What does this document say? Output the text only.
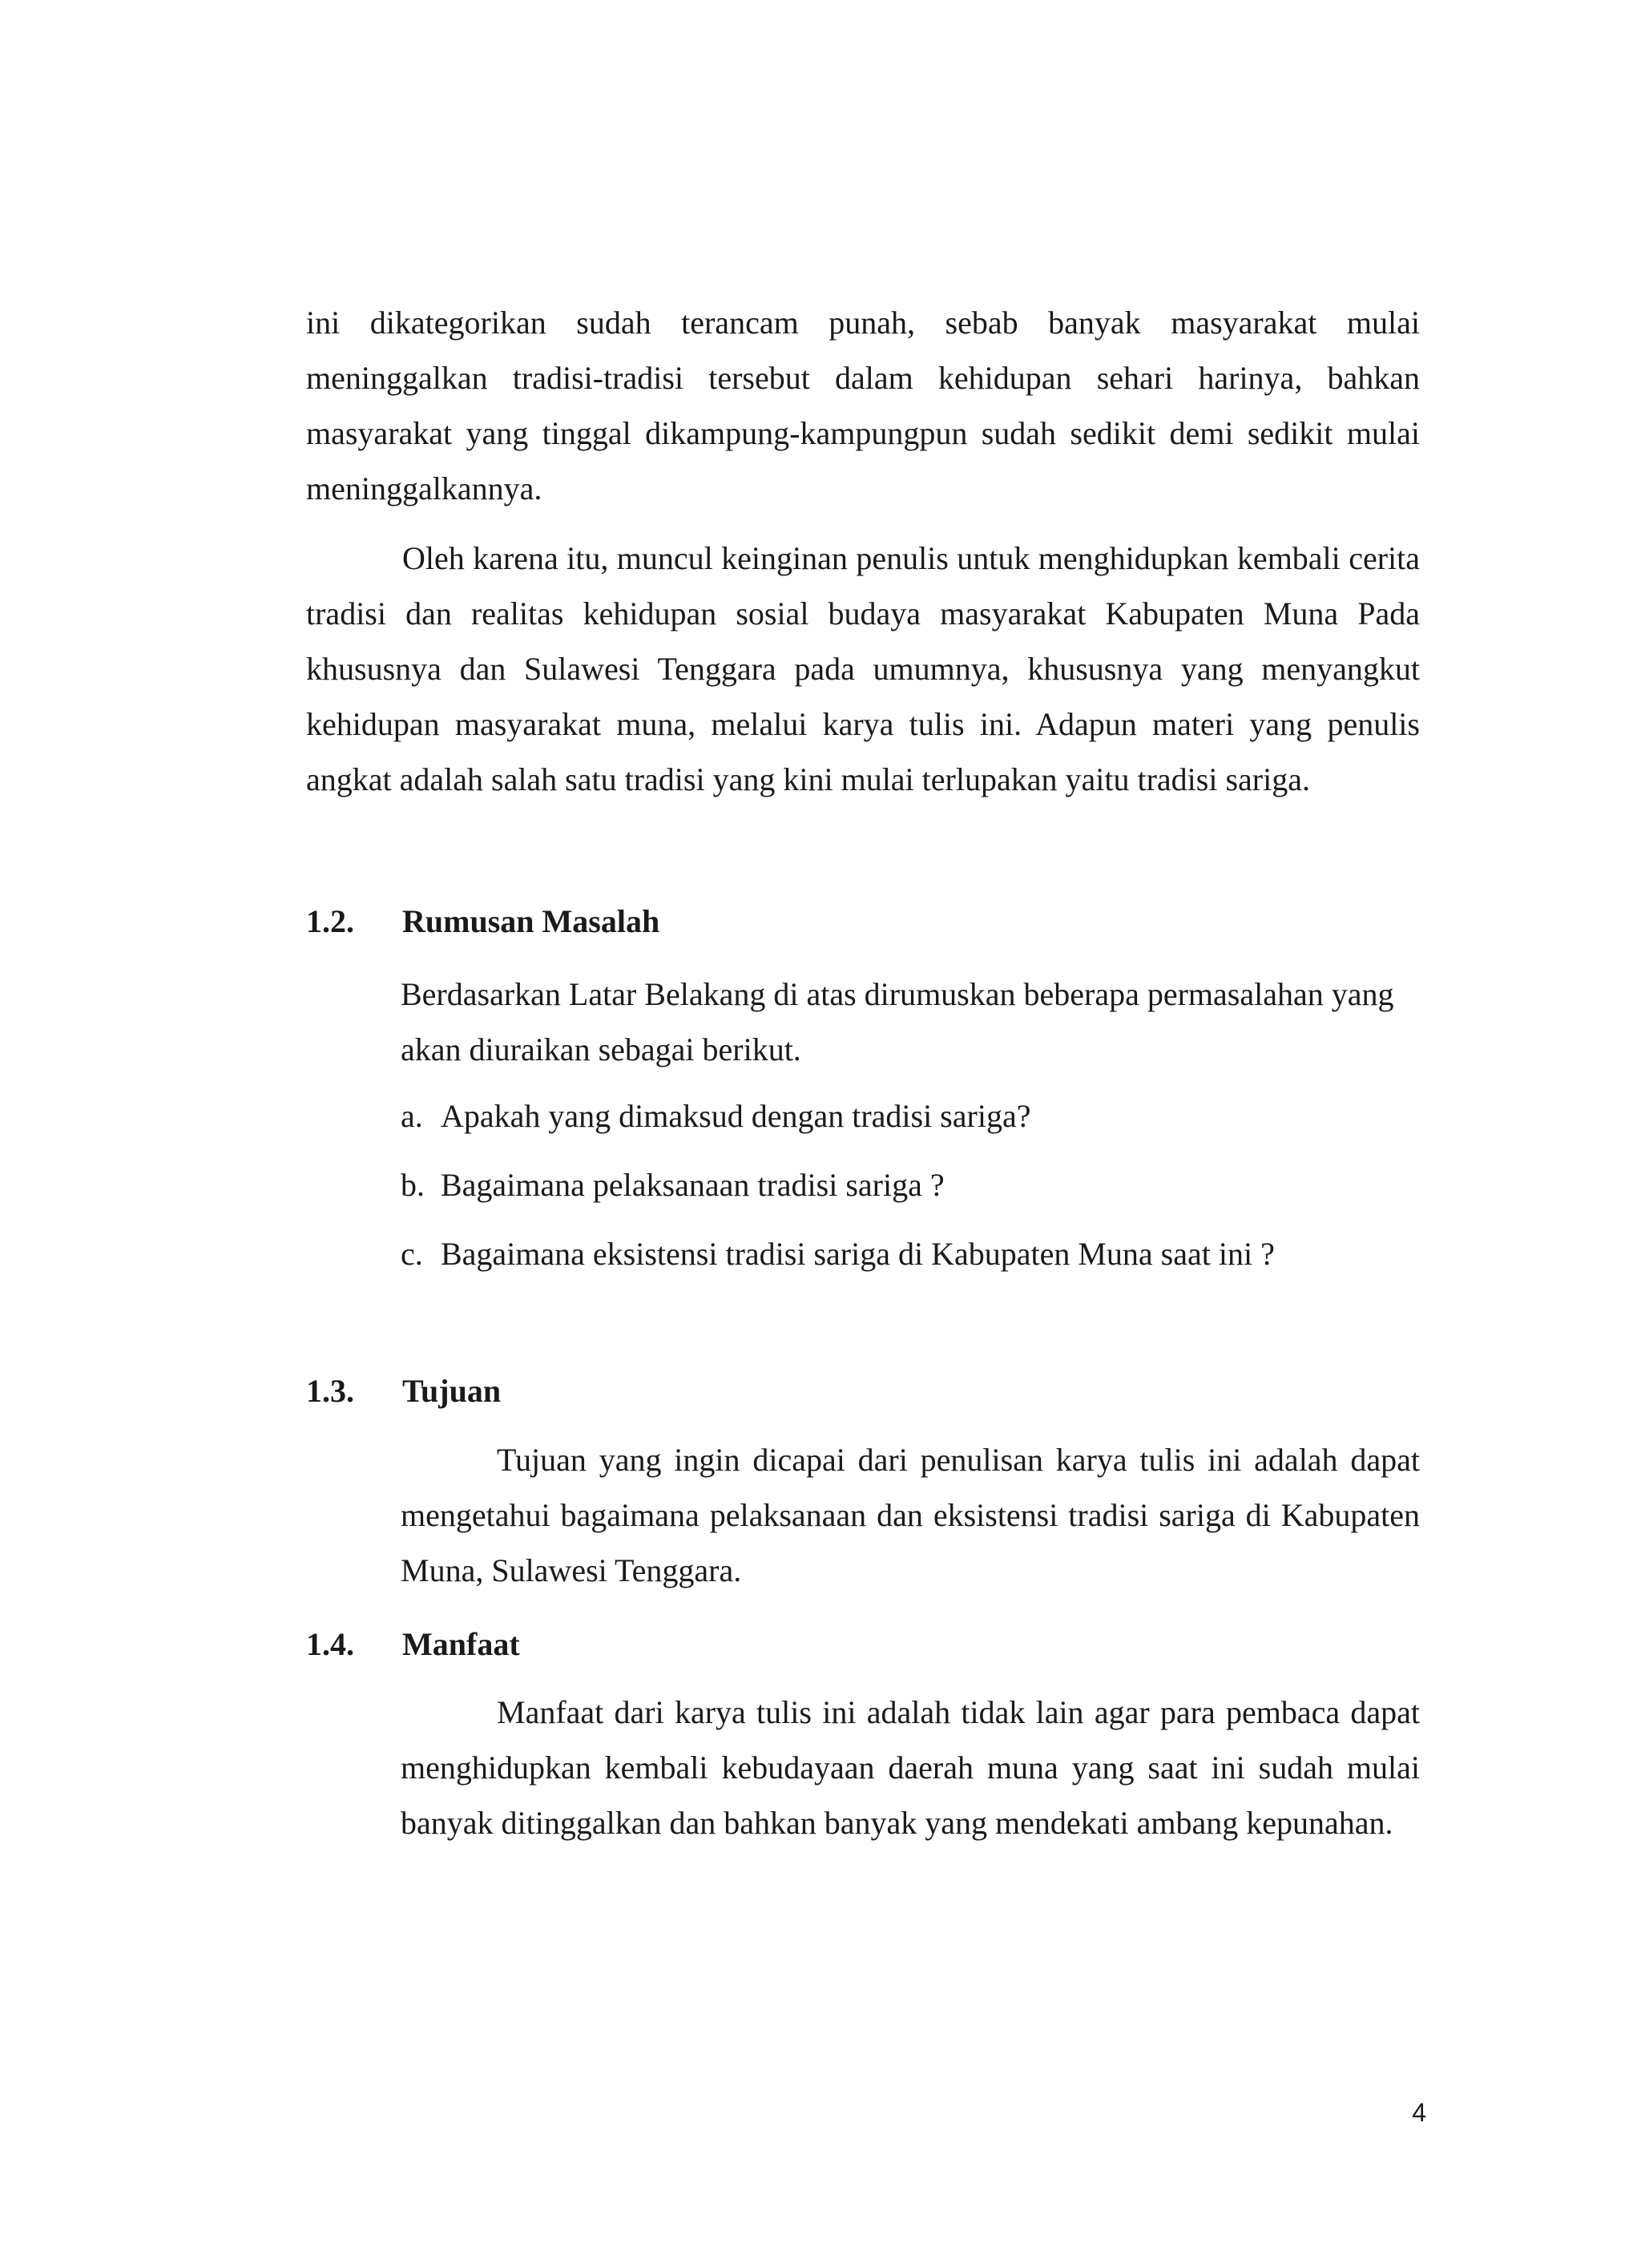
ini dikategorikan sudah terancam punah, sebab banyak masyarakat mulai meninggalkan tradisi-tradisi tersebut dalam kehidupan sehari harinya, bahkan masyarakat yang tinggal dikampung-kampungpun sudah sedikit demi sedikit mulai meninggalkannya.

Oleh karena itu, muncul keinginan penulis untuk menghidupkan kembali cerita tradisi dan realitas kehidupan sosial budaya masyarakat Kabupaten Muna Pada khususnya dan Sulawesi Tenggara pada umumnya, khususnya yang menyangkut kehidupan masyarakat muna, melalui karya tulis ini. Adapun materi yang penulis angkat adalah salah satu tradisi yang kini mulai terlupakan yaitu tradisi sariga.

1.2. Rumusan Masalah

Berdasarkan Latar Belakang di atas dirumuskan beberapa permasalahan yang akan diuraikan sebagai berikut.

a. Apakah yang dimaksud dengan tradisi sariga?
b. Bagaimana pelaksanaan tradisi sariga ?
c. Bagaimana eksistensi tradisi sariga di Kabupaten Muna saat ini ?
1.3. Tujuan

Tujuan yang ingin dicapai dari penulisan karya tulis ini adalah dapat mengetahui bagaimana pelaksanaan dan eksistensi tradisi sariga di Kabupaten Muna, Sulawesi Tenggara.

1.4. Manfaat

Manfaat dari karya tulis ini adalah tidak lain agar para pembaca dapat menghidupkan kembali kebudayaan daerah muna yang saat ini sudah mulai banyak ditinggalkan dan bahkan banyak yang mendekati ambang kepunahan.

4
